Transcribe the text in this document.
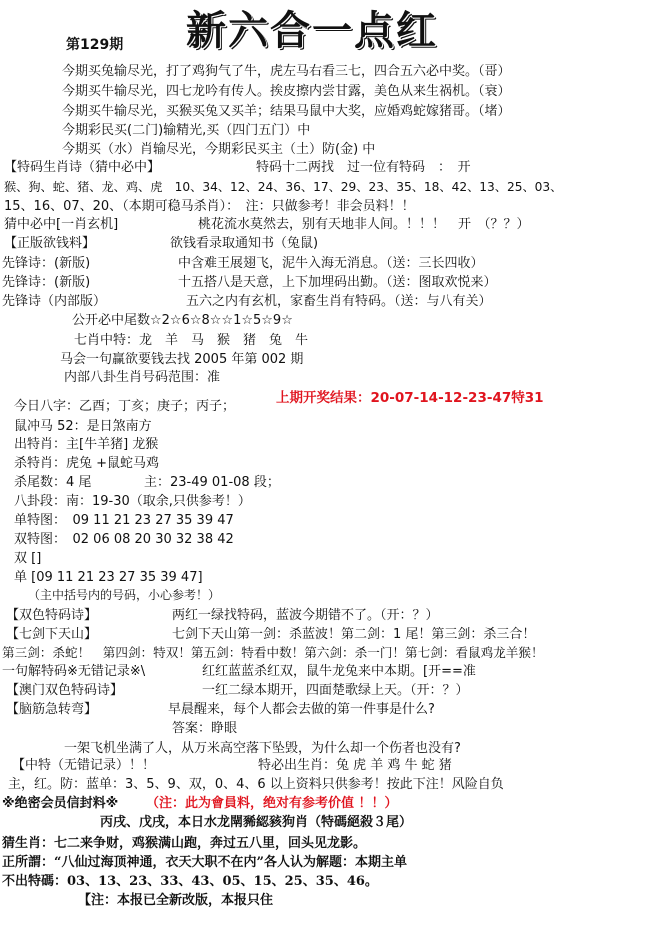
第129期 新六合一点红
今期买兔输尽光，打了鸡狗气了牛，虎左马右看三七，四合五六必中奖。（哥）
今期买牛输尽光，四七龙吟有传人。挨皮擦内尝甘露，美色从来生祸机。（衰）
今期买牛输尽光，买猴买兔又买羊；结果马鼠中大奖，应婚鸡蛇嫁猪哥。（堵）
今期彩民买(二门)输精光,买（四门五门）中
今期买（水）肖输尽光，今期彩民买主（土）防(金) 中
【特码生肖诗（猜中必中】	特码十二两找　过一位有特码　：　开
猴、狗、蛇、猪、龙、鸡、虎　10、34、12、24、36、17、29、23、35、18、42、13、25、03、
15、16、07、20、（本期可稳马杀肖）：　注：只做参考！非会员料！！
猜中必中[一肖玄机]	桃花流水莫然去，别有天地非人间。！！！　开　（？？）
【正版欲钱料】	欲钱看录取通知书（兔鼠)
先锋诗：(新版)	中含难王展翅飞，泥牛入海无消息。（送：三长四收）
先锋诗：(新版)	十五搭八是天意，上下加埋码出勤。（送：图取欢悦来）
先锋诗（内部版）	五六之内有玄机，家畜生肖有特码。（送：与八有关）
公开必中尾数☆2☆6☆8☆☆1☆5☆9☆
七肖中特：龙　羊　马　猴　猪　兔　牛
马会一句赢欲要钱去找 2005 年第 002 期
内部八卦生肖号码范围：准
今日八字：乙酉；丁亥；庚子；丙子；
上期开奖结果：20-07-14-12-23-47特31
鼠冲马 52：是日煞南方
出特肖：主[牛羊猪] 龙猴
杀特肖：虎兔 +鼠蛇马鸡
杀尾数：4 尾	主：23-49 01-08 段；
八卦段：南：19-30（取余,只供参考！）
单特图：　09 11 21 23 27 35 39 47
双特图：　02 06 08 20 30 32 38 42
双 []
单 [09 11 21 23 27 35 39 47]
（主中括号内的号码，小心参考！）
【双色特码诗】	两红一绿找特码，蓝波今期错不了。（开：？）
【七剑下天山】	七剑下天山第一剑：杀蓝波！第二剑：1 尾！第三剑：杀三合！
第三剑：杀蛇！　第四剑：特双！第五剑：特看中数！第六剑：杀一门！第七剑：看鼠鸡龙羊猴！
一句解特码※无错记录※\	红红蓝蓝杀红双，鼠牛龙兔来中本期。[开==准
【澳门双色特码诗】	一红二绿本期开，四面楚歌绿上天。（开：？）
【脑筋急转弯】	早晨醒来，每个人都会去做的第一件事是什么?
答案：睁眼
一架飞机坐满了人，从万米高空落下坠毁，为什么却一个伤者也没有?
【中特（无错记录）！！	特必出生肖：兔 虎 羊 鸡 牛 蛇 猪
主，红。防：蓝单：3、5、9、双，0、4、6 以上资料只供参考！按此下注！风险自负
※绝密会员信封料※ （注：此为會員料，绝对有参考价值 ！！）
丙戌、戊戌，本日水龙閛豨綛豥狗肖（特碼絕殺３尾）
猜生肖：七二来争财，鸡猴满山跑，奔过五八里，回头见龙影。
正所謂：“八仙过海顶神通，衣天大职不在内”各人认为解题：本期主单
不出特碼：03、13、23、33、43、05、15、25、35、46。
【注：本报已全新改版，本报只住
